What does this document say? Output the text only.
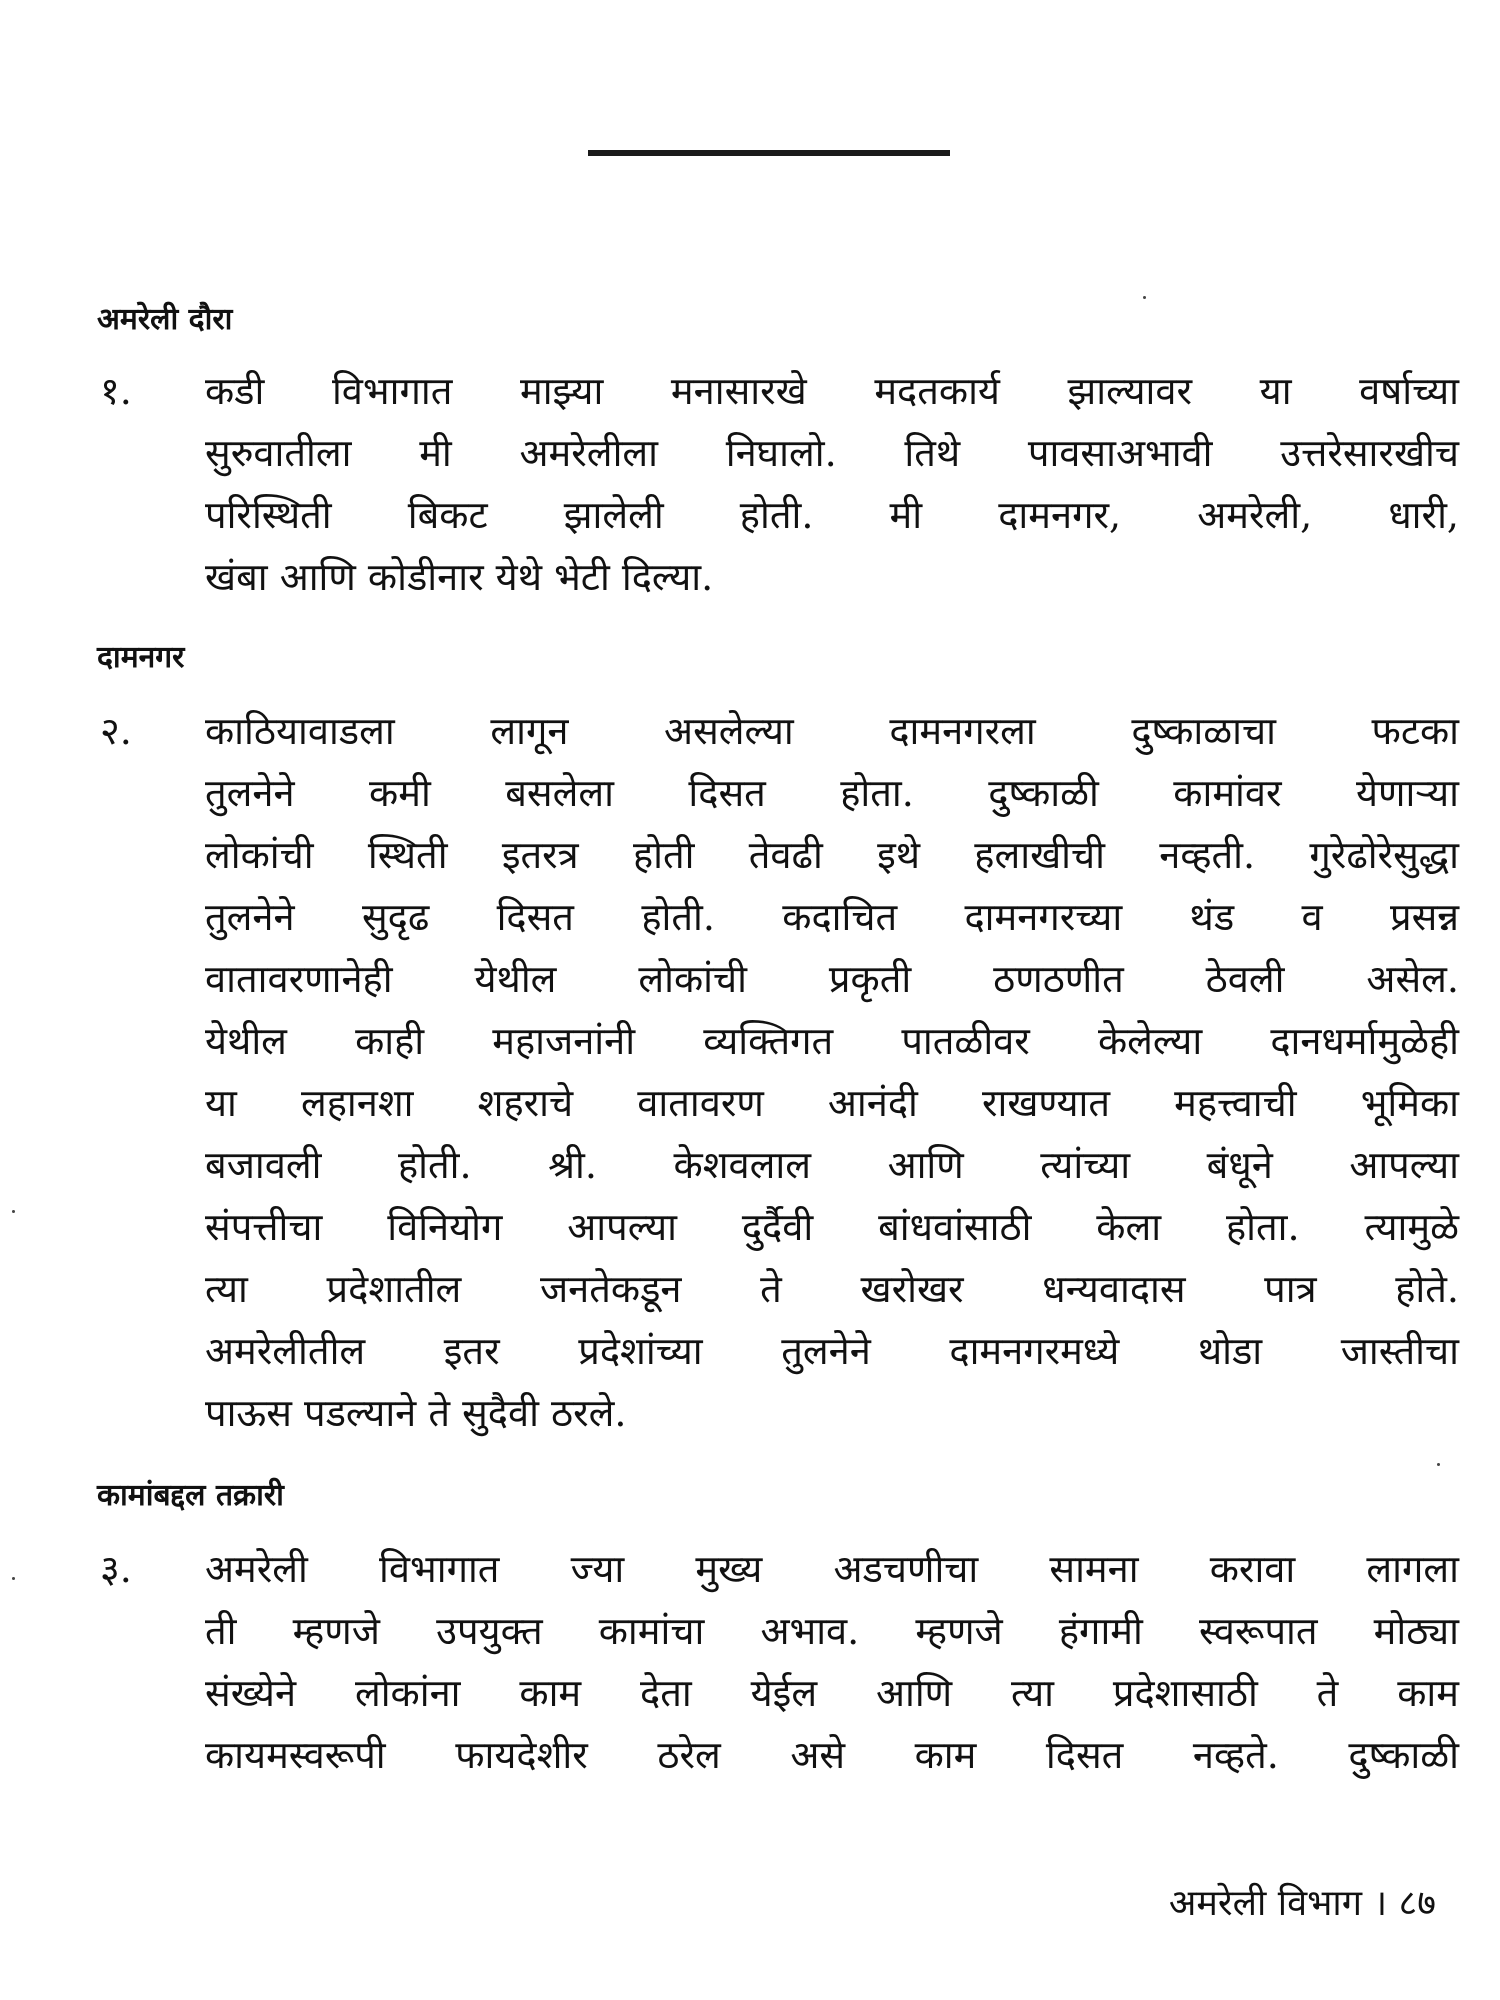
अमरेली दौरा
१. कडी विभागात माझ्या मनासारखे मदतकार्य झाल्यावर या वर्षाच्या
सुरुवातीला मी अमरेलीला निघालो. तिथे पावसाअभावी उत्तरेसारखीच
परिस्थिती बिकट झालेली होती. मी दामनगर, अमरेली, धारी,
खंबा आणि कोडीनार येथे भेटी दिल्या.
दामनगर
२. काठियावाडला लागून असलेल्या दामनगरला दुष्काळाचा फटका
तुलनेने कमी बसलेला दिसत होता. दुष्काळी कामांवर येणाऱ्या
लोकांची स्थिती इतरत्र होती तेवढी इथे हलाखीची नव्हती. गुरेढोरेसुद्धा
तुलनेने सुदृढ दिसत होती. कदाचित दामनगरच्या थंड व प्रसन्न
वातावरणानेही येथील लोकांची प्रकृती ठणठणीत ठेवली असेल.
येथील काही महाजनांनी व्यक्तिगत पातळीवर केलेल्या दानधर्मामुळेही
या लहानशा शहराचे वातावरण आनंदी राखण्यात महत्त्वाची भूमिका
बजावली होती. श्री. केशवलाल आणि त्यांच्या बंधूने आपल्या
संपत्तीचा विनियोग आपल्या दुर्दैवी बांधवांसाठी केला होता. त्यामुळे
त्या प्रदेशातील जनतेकडून ते खरोखर धन्यवादास पात्र होते.
अमरेलीतील इतर प्रदेशांच्या तुलनेने दामनगरमध्ये थोडा जास्तीचा
पाऊस पडल्याने ते सुदैवी ठरले.
कामांबद्दल तक्रारी
३. अमरेली विभागात ज्या मुख्य अडचणीचा सामना करावा लागला
ती म्हणजे उपयुक्त कामांचा अभाव. म्हणजे हंगामी स्वरूपात मोठ्या
संख्येने लोकांना काम देता येईल आणि त्या प्रदेशासाठी ते काम
कायमस्वरूपी फायदेशीर ठरेल असे काम दिसत नव्हते. दुष्काळी
अमरेली विभाग । ८७
